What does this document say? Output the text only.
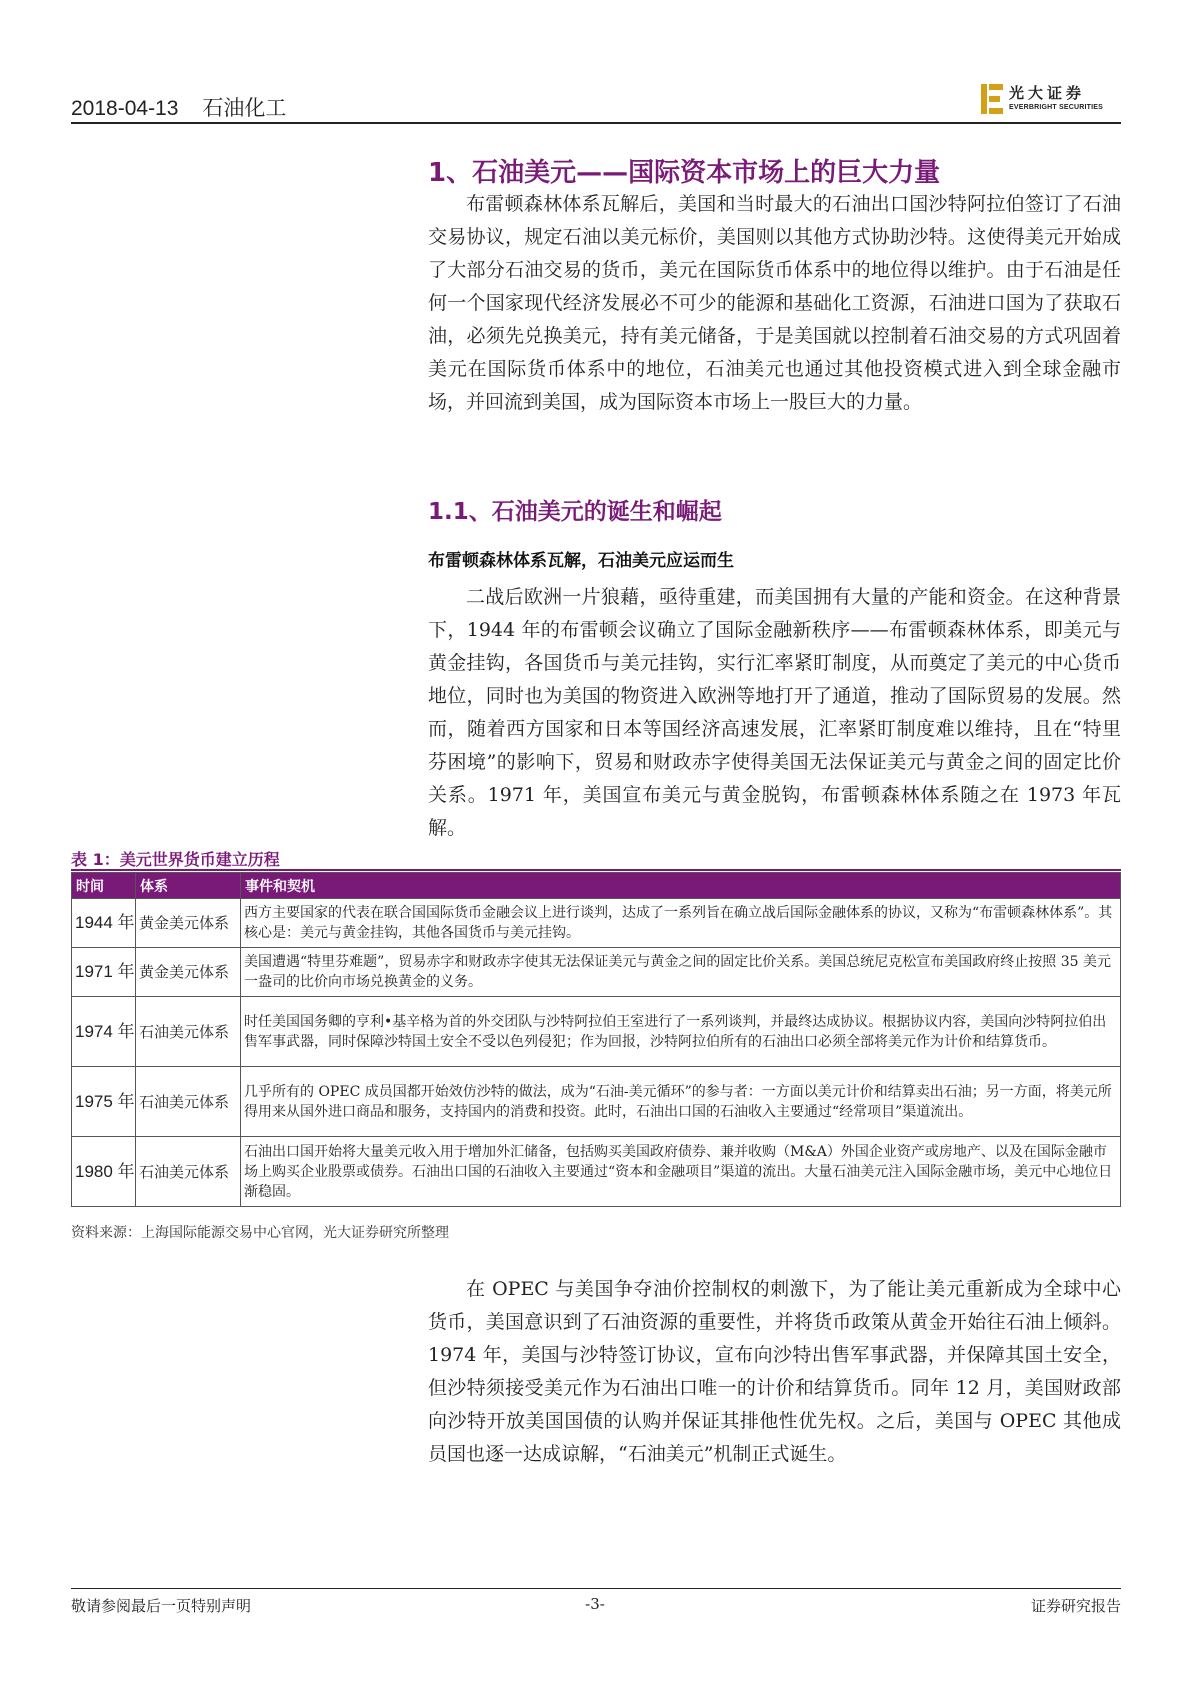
2018-04-13 石油化工
光大证券
EVERBRIGHT SECURITIES
1、石油美元——国际资本市场上的巨大力量

布雷顿森林体系瓦解后，美国和当时最大的石油出口国沙特阿拉伯签订了石油交易协议，规定石油以美元标价，美国则以其他方式协助沙特。这使得美元开始成了大部分石油交易的货币，美元在国际货币体系中的地位得以维护。由于石油是任何一个国家现代经济发展必不可少的能源和基础化工资源，石油进口国为了获取石油，必须先兑换美元，持有美元储备，于是美国就以控制着石油交易的方式巩固着美元在国际货币体系中的地位，石油美元也通过其他投资模式进入到全球金融市场，并回流到美国，成为国际资本市场上一股巨大的力量。

1.1、石油美元的诞生和崛起
布雷顿森林体系瓦解，石油美元应运而生

二战后欧洲一片狼藉，亟待重建，而美国拥有大量的产能和资金。在这种背景下，1944 年的布雷顿会议确立了国际金融新秩序——布雷顿森林体系，即美元与黄金挂钩，各国货币与美元挂钩，实行汇率紧盯制度，从而奠定了美元的中心货币地位，同时也为美国的物资进入欧洲等地打开了通道，推动了国际贸易的发展。然而，随着西方国家和日本等国经济高速发展，汇率紧盯制度难以维持，且在“特里芬困境”的影响下，贸易和财政赤字使得美国无法保证美元与黄金之间的固定比价关系。1971 年，美国宣布美元与黄金脱钩，布雷顿森林体系随之在 1973 年瓦解。

表 1：美元世界货币建立历程
时间	体系	事件和契机
1944 年	黄金美元体系	西方主要国家的代表在联合国国际货币金融会议上进行谈判，达成了一系列旨在确立战后国际金融体系的协议，又称为“布雷顿森林体系”。其核心是：美元与黄金挂钩，其他各国货币与美元挂钩。
1971 年	黄金美元体系	美国遭遇“特里芬难题”，贸易赤字和财政赤字使其无法保证美元与黄金之间的固定比价关系。美国总统尼克松宣布美国政府终止按照 35 美元一盎司的比价向市场兑换黄金的义务。
1974 年	石油美元体系	时任美国国务卿的亨利•基辛格为首的外交团队与沙特阿拉伯王室进行了一系列谈判，并最终达成协议。根据协议内容，美国向沙特阿拉伯出售军事武器，同时保障沙特国土安全不受以色列侵犯；作为回报，沙特阿拉伯所有的石油出口必须全部将美元作为计价和结算货币。
1975 年	石油美元体系	几乎所有的 OPEC 成员国都开始效仿沙特的做法，成为“石油-美元循环”的参与者：一方面以美元计价和结算卖出石油；另一方面，将美元所得用来从国外进口商品和服务，支持国内的消费和投资。此时，石油出口国的石油收入主要通过“经常项目”渠道流出。
1980 年	石油美元体系	石油出口国开始将大量美元收入用于增加外汇储备，包括购买美国政府债券、兼并收购（M&A）外国企业资产或房地产、以及在国际金融市场上购买企业股票或债券。石油出口国的石油收入主要通过“资本和金融项目”渠道的流出。大量石油美元注入国际金融市场，美元中心地位日渐稳固。
资料来源：上海国际能源交易中心官网，光大证券研究所整理

在 OPEC 与美国争夺油价控制权的刺激下，为了能让美元重新成为全球中心货币，美国意识到了石油资源的重要性，并将货币政策从黄金开始往石油上倾斜。1974 年，美国与沙特签订协议，宣布向沙特出售军事武器，并保障其国土安全，但沙特须接受美元作为石油出口唯一的计价和结算货币。同年 12 月，美国财政部向沙特开放美国国债的认购并保证其排他性优先权。之后，美国与 OPEC 其他成员国也逐一达成谅解，“石油美元”机制正式诞生。

敬请参阅最后一页特别声明	-3-	证券研究报告
